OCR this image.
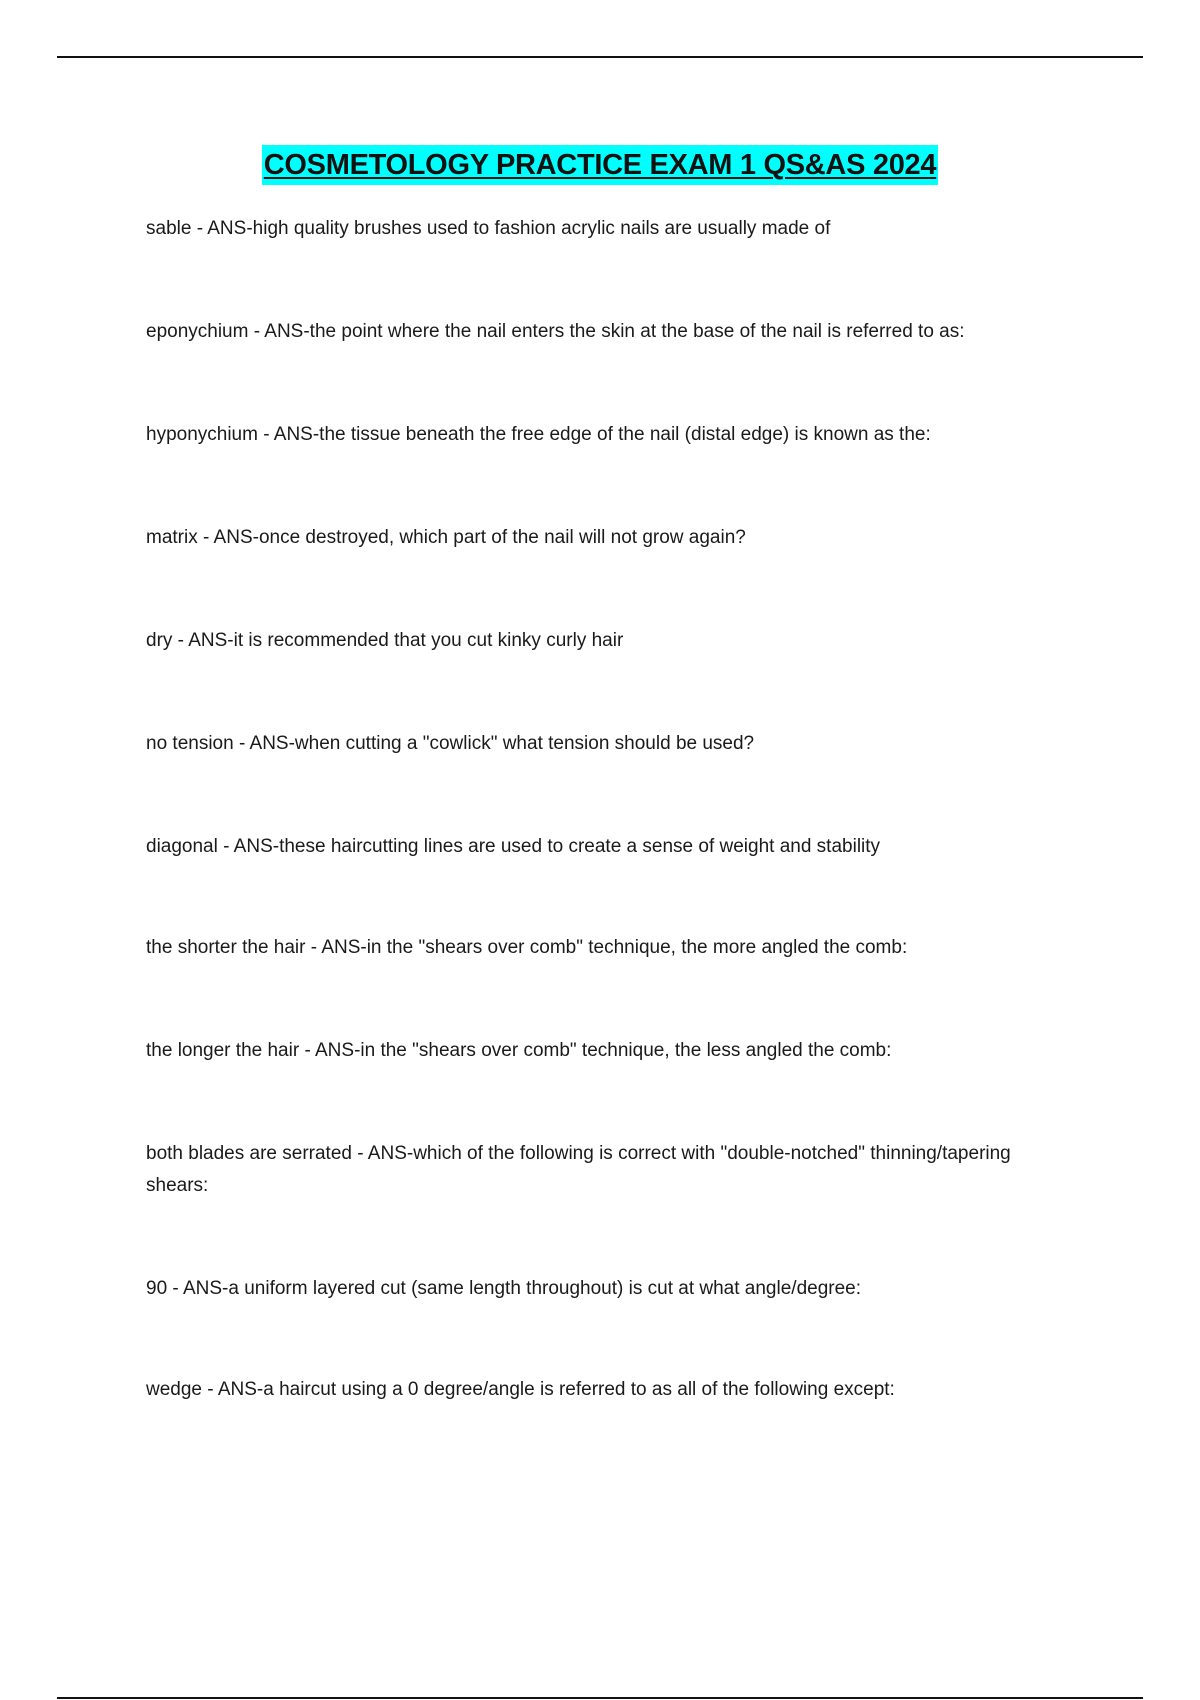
COSMETOLOGY PRACTICE EXAM 1 QS&AS 2024
sable - ANS-high quality brushes used to fashion acrylic nails are usually made of
eponychium - ANS-the point where the nail enters the skin at the base of the nail is referred to as:
hyponychium - ANS-the tissue beneath the free edge of the nail (distal edge) is known as the:
matrix - ANS-once destroyed, which part of the nail will not grow again?
dry - ANS-it is recommended that you cut kinky curly hair
no tension - ANS-when cutting a "cowlick" what tension should be used?
diagonal - ANS-these haircutting lines are used to create a sense of weight and stability
the shorter the hair - ANS-in the "shears over comb" technique, the more angled the comb:
the longer the hair - ANS-in the "shears over comb" technique, the less angled the comb:
both blades are serrated - ANS-which of the following is correct with "double-notched" thinning/tapering shears:
90 - ANS-a uniform layered cut (same length throughout) is cut at what angle/degree:
wedge - ANS-a haircut using a 0 degree/angle is referred to as all of the following except:
